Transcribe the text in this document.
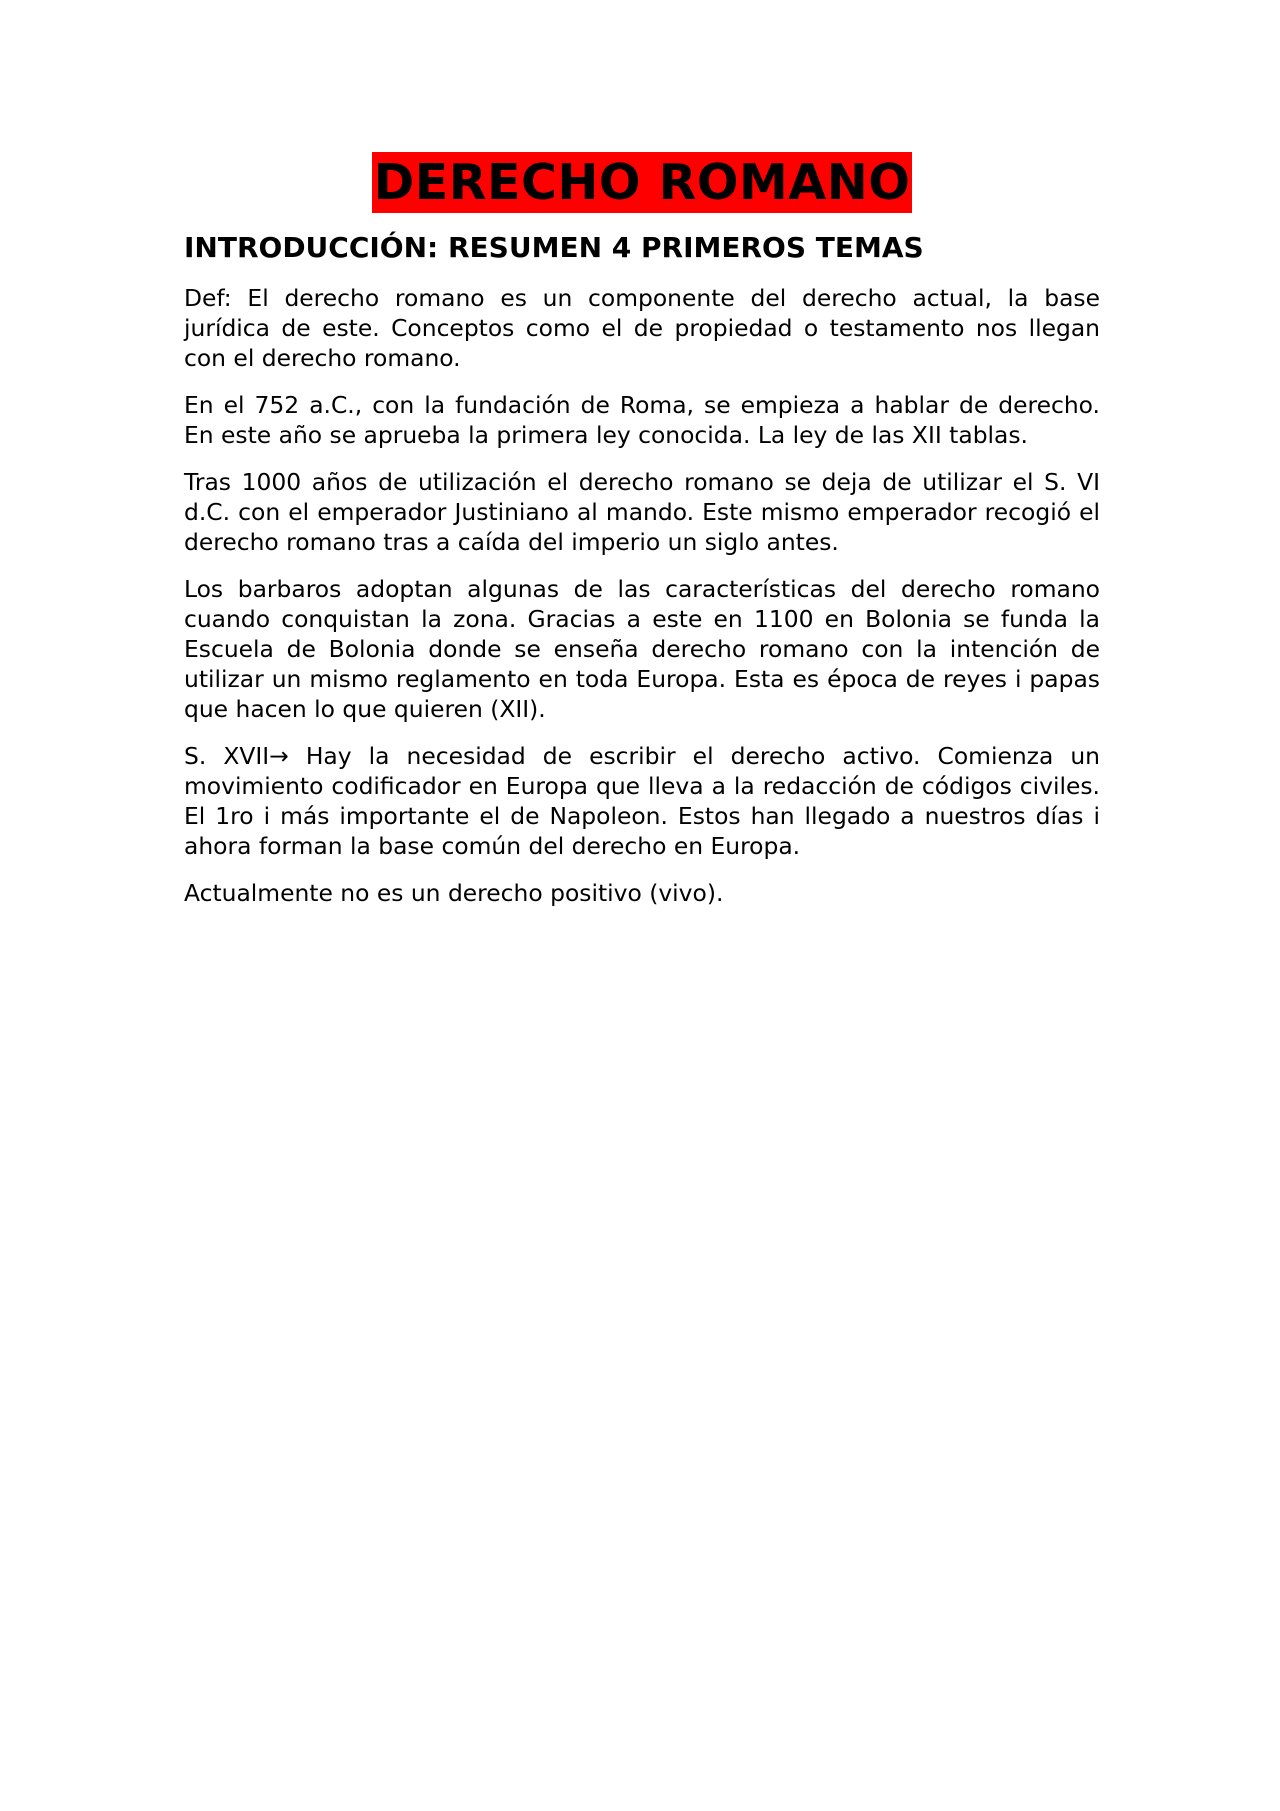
DERECHO ROMANO
INTRODUCCIÓN: RESUMEN 4 PRIMEROS TEMAS

Def: El derecho romano es un componente del derecho actual, la base jurídica de este. Conceptos como el de propiedad o testamento nos llegan con el derecho romano.

En el 752 a.C., con la fundación de Roma, se empieza a hablar de derecho. En este año se aprueba la primera ley conocida. La ley de las XII tablas.

Tras 1000 años de utilización el derecho romano se deja de utilizar el S. VI d.C. con el emperador Justiniano al mando. Este mismo emperador recogió el derecho romano tras a caída del imperio un siglo antes.

Los barbaros adoptan algunas de las características del derecho romano cuando conquistan la zona. Gracias a este en 1100 en Bolonia se funda la Escuela de Bolonia donde se enseña derecho romano con la intención de utilizar un mismo reglamento en toda Europa. Esta es época de reyes i papas que hacen lo que quieren (XII).

S. XVII→ Hay la necesidad de escribir el derecho activo. Comienza un movimiento codificador en Europa que lleva a la redacción de códigos civiles. El 1ro i más importante el de Napoleon. Estos han llegado a nuestros días i ahora forman la base común del derecho en Europa.

Actualmente no es un derecho positivo (vivo).
